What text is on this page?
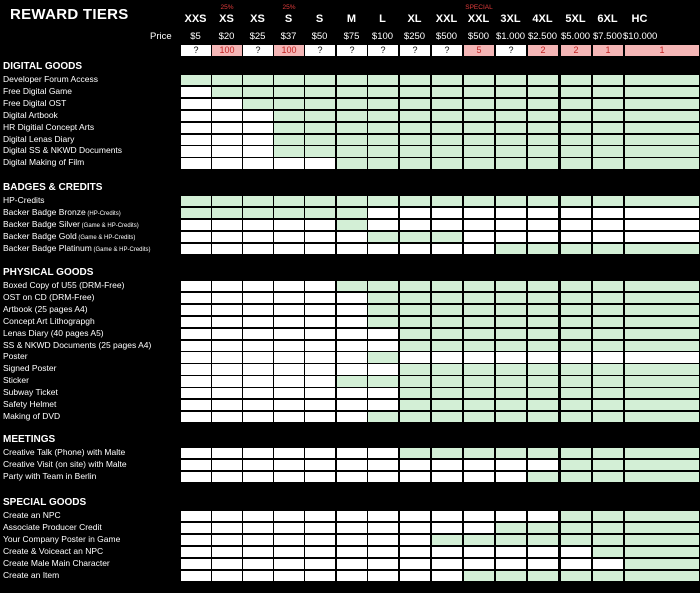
REWARD TIERS
Price
XXS
$5
?
25%
XS
$20
100
XS
$25
?
25%
S
$37
100
S
$50
?
M
$75
?
L
$100
?
XL
$250
?
XXL
$500
?
SPECIAL
XXL
$500
5
3XL
$1.000
?
4XL
$2.500
2
5XL
$5.000
2
6XL
$7.500
1
HC
$10.000
1
DIGITAL GOODS
Developer Forum Access
Free Digital Game
Free Digital OST
Digital Artbook
HR Digitial Concept Arts
Digital Lenas Diary
Digital SS & NKWD Documents
Digital Making of Film
BADGES & CREDITS
HP-Credits
Backer Badge Bronze (HP-Credits)
Backer Badge Silver (Game & HP-Credits)
Backer Badge Gold (Game & HP-Credits)
Backer Badge Platinum (Game & HP-Credits)
PHYSICAL GOODS
Boxed Copy of U55 (DRM-Free)
OST on CD (DRM-Free)
Artbook (25 pages A4)
Concept Art Lithograpgh
Lenas Diary (40 pages A5)
SS & NKWD Documents (25 pages A4)
Poster
Signed Poster
Sticker
Subway Ticket
Safety Helmet
Making of DVD
MEETINGS
Creative Talk (Phone) with Malte
Creative Visit (on site) with Malte
Party with Team in Berlin
SPECIAL GOODS
Create an NPC
Associate Producer Credit
Your Company Poster in Game
Create & Voiceact an NPC
Create Male Main Character
Create an Item
